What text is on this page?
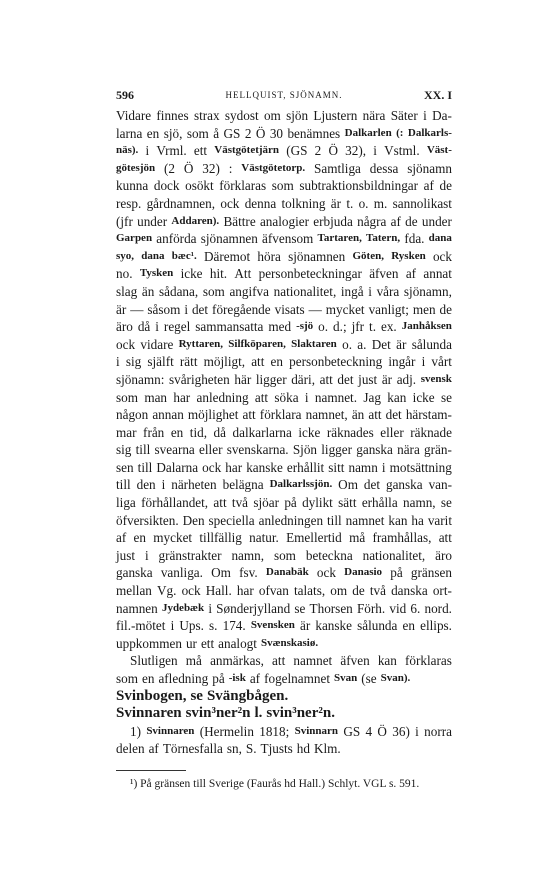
596	HELLQUIST, SJÖNAMN.	XX. I
Vidare finnes strax sydost om sjön Ljustern nära Säter i Da-
larna en sjö, som å GS 2 Ö 30 benämnes Dalkarlen (: Dalkarls-
näs). i Vrml. ett Västgötetjärn (GS 2 Ö 32), i Vstml. Väst-
götesjön (2 Ö 32) : Västgötetorp. Samtliga dessa sjönamn
kunna dock osökt förklaras som subtraktionsbildningar af de
resp. gårdnamnen, ock denna tolkning är t. o. m. sannolikast
(jfr under Addaren). Bättre analogier erbjuda några af de under
Garpen anförda sjönamnen äfvensom Tartaren, Tatern, fda. dana
syo, dana bæc¹. Däremot höra sjönamnen Göten, Rysken ock
no. Tysken icke hit. Att personbeteckningar äfven af annat
slag än sådana, som angifva nationalitet, ingå i våra sjönamn,
är — såsom i det föregående visats — mycket vanligt; men de
äro då i regel sammansatta med -sjö o. d.; jfr t. ex. Janhåksen
ock vidare Ryttaren, Silfköparen, Slaktaren o. a. Det är sålunda
i sig själft rätt möjligt, att en personbeteckning ingår i vårt
sjönamn: svårigheten här ligger däri, att det just är adj. svensk
som man har anledning att söka i namnet. Jag kan icke se
någon annan möjlighet att förklara namnet, än att det härstam-
mar från en tid, då dalkarlarna icke räknades eller räknade
sig till svearna eller svenskarna. Sjön ligger ganska nära grän-
sen till Dalarna ock har kanske erhållit sitt namn i motsättning
till den i närheten belägna Dalkarlssjön. Om det ganska van-
liga förhållandet, att två sjöar på dylikt sätt erhålla namn, se
öfversikten. Den speciella anledningen till namnet kan ha varit
af en mycket tillfällig natur. Emellertid må framhållas, att
just i gränstrakter namn, som beteckna nationalitet, äro
ganska vanliga. Om fsv. Danabäk ock Danasio på gränsen
mellan Vg. ock Hall. har ofvan talats, om de två danska ort-
namnen Jydebæk i Sønderjylland se Thorsen Förh. vid 6. nord.
fil.-mötet i Ups. s. 174. Svensken är kanske sålunda en ellips.
uppkommen ur ett analogt Svænskasiø.
Slutligen må anmärkas, att namnet äfven kan förklaras
som en afledning på -isk af fogelnamnet Svan (se Svan).
Svinbogen, se Svängbågen.
Svinnaren svin³ner²n l. svin³ner²n.
1) Svinnaren (Hermelin 1818; Svinnarn GS 4 Ö 36) i norra
delen af Törnesfalla sn, S. Tjusts hd Klm.
¹) På gränsen till Sverige (Faurås hd Hall.) Schlyt. VGL s. 591.
